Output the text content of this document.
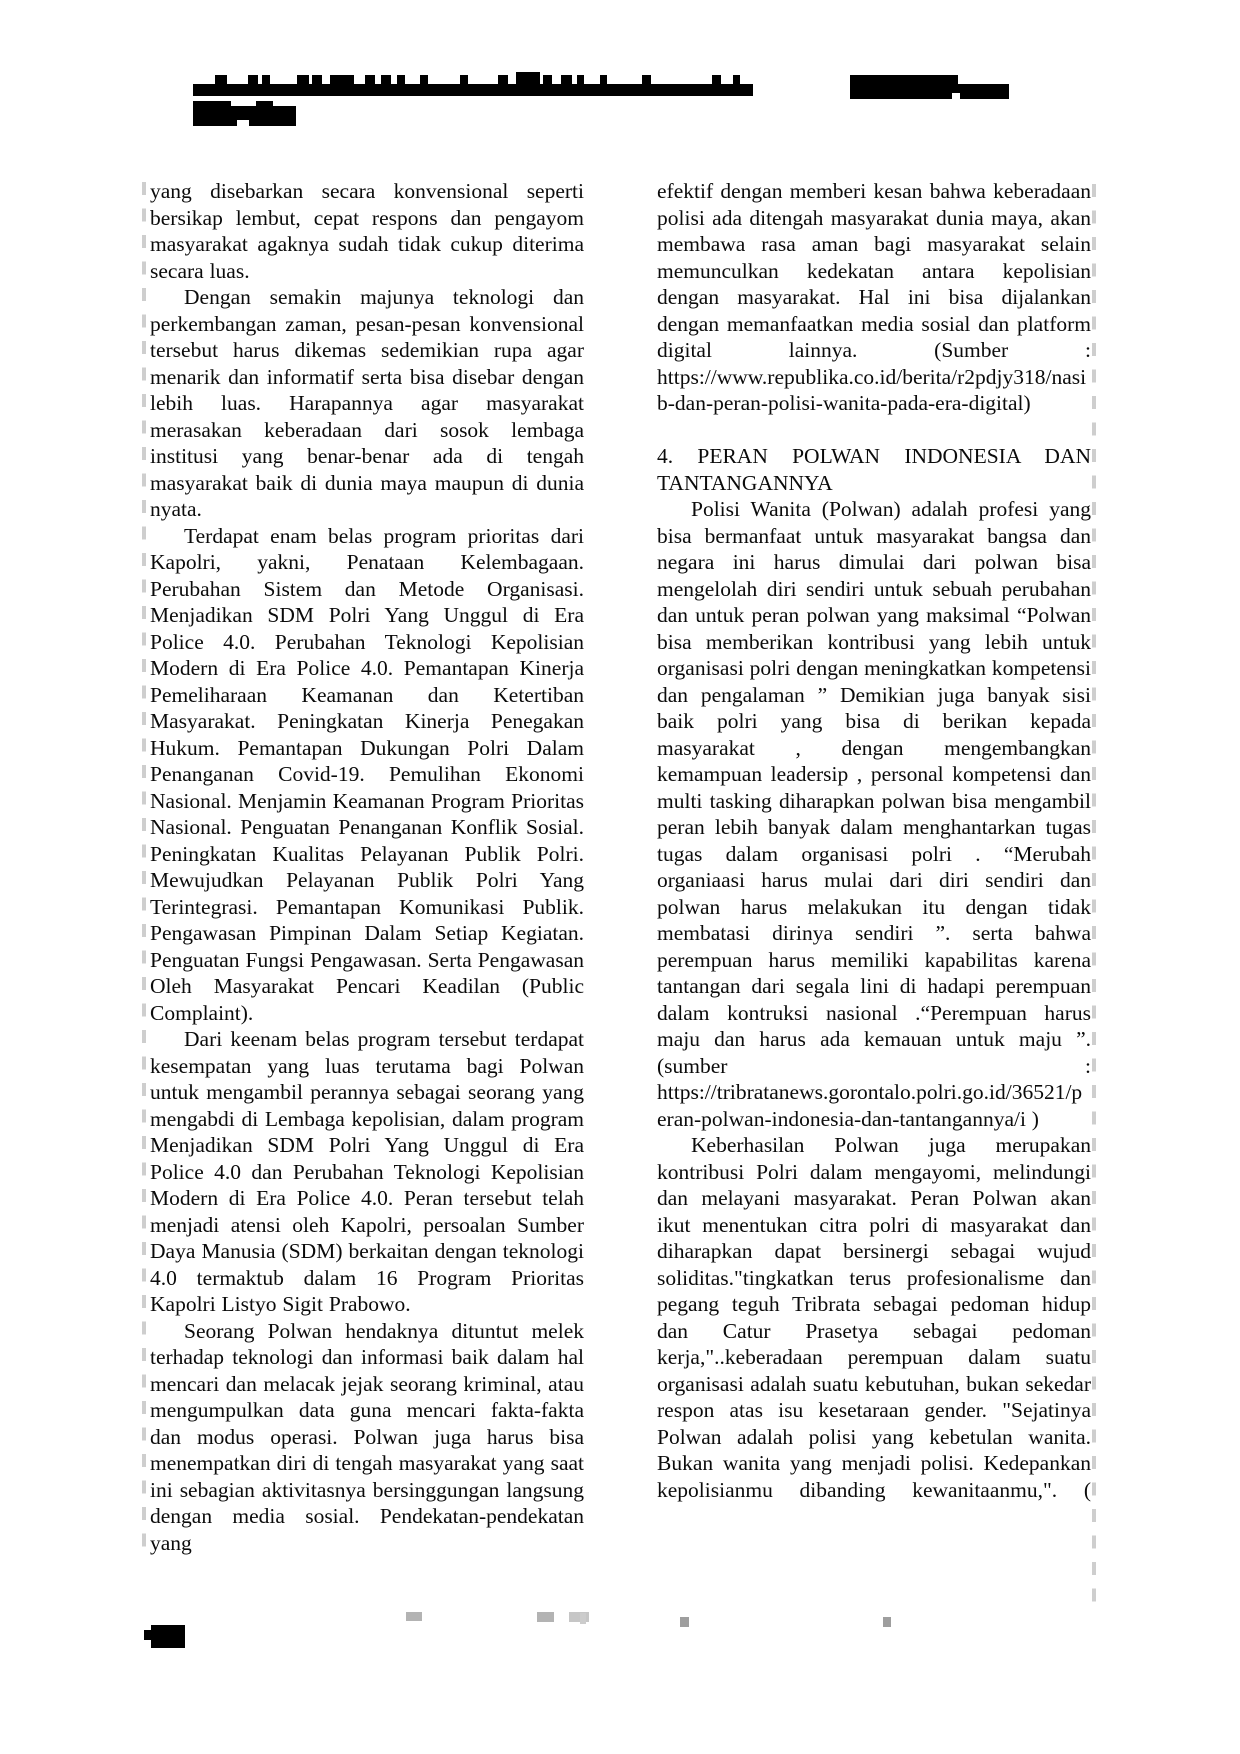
yang disebarkan secara konvensional seperti bersikap lembut, cepat respons dan pengayom masyarakat agaknya sudah tidak cukup diterima secara luas.

Dengan semakin majunya teknologi dan perkembangan zaman, pesan-pesan konvensional tersebut harus dikemas sedemikian rupa agar menarik dan informatif serta bisa disebar dengan lebih luas. Harapannya agar masyarakat merasakan keberadaan dari sosok lembaga institusi yang benar-benar ada di tengah masyarakat baik di dunia maya maupun di dunia nyata.

Terdapat enam belas program prioritas dari Kapolri, yakni, Penataan Kelembagaan. Perubahan Sistem dan Metode Organisasi. Menjadikan SDM Polri Yang Unggul di Era Police 4.0. Perubahan Teknologi Kepolisian Modern di Era Police 4.0. Pemantapan Kinerja Pemeliharaan Keamanan dan Ketertiban Masyarakat. Peningkatan Kinerja Penegakan Hukum. Pemantapan Dukungan Polri Dalam Penanganan Covid-19. Pemulihan Ekonomi Nasional. Menjamin Keamanan Program Prioritas Nasional. Penguatan Penanganan Konflik Sosial. Peningkatan Kualitas Pelayanan Publik Polri. Mewujudkan Pelayanan Publik Polri Yang Terintegrasi. Pemantapan Komunikasi Publik. Pengawasan Pimpinan Dalam Setiap Kegiatan. Penguatan Fungsi Pengawasan. Serta Pengawasan Oleh Masyarakat Pencari Keadilan (Public Complaint).

Dari keenam belas program tersebut terdapat kesempatan yang luas terutama bagi Polwan untuk mengambil perannya sebagai seorang yang mengabdi di Lembaga kepolisian, dalam program Menjadikan SDM Polri Yang Unggul di Era Police 4.0 dan Perubahan Teknologi Kepolisian Modern di Era Police 4.0. Peran tersebut telah menjadi atensi oleh Kapolri, persoalan Sumber Daya Manusia (SDM) berkaitan dengan teknologi 4.0 termaktub dalam 16 Program Prioritas Kapolri Listyo Sigit Prabowo.

Seorang Polwan hendaknya dituntut melek terhadap teknologi dan informasi baik dalam hal mencari dan melacak jejak seorang kriminal, atau mengumpulkan data guna mencari fakta-fakta dan modus operasi. Polwan juga harus bisa menempatkan diri di tengah masyarakat yang saat ini sebagian aktivitasnya bersinggungan langsung dengan media sosial. Pendekatan-pendekatan yang

efektif dengan memberi kesan bahwa keberadaan polisi ada ditengah masyarakat dunia maya, akan membawa rasa aman bagi masyarakat selain memunculkan kedekatan antara kepolisian dengan masyarakat. Hal ini bisa dijalankan dengan memanfaatkan media sosial dan platform digital lainnya. (Sumber : https://www.republika.co.id/berita/r2pdjy318/nasib-dan-peran-polisi-wanita-pada-era-digital)

4. PERAN POLWAN INDONESIA DAN TANTANGANNYA

Polisi Wanita (Polwan) adalah profesi yang bisa bermanfaat untuk masyarakat bangsa dan negara ini harus dimulai dari polwan bisa mengelolah diri sendiri untuk sebuah perubahan dan untuk peran polwan yang maksimal “Polwan bisa memberikan kontribusi yang lebih untuk organisasi polri dengan meningkatkan kompetensi dan pengalaman ” Demikian juga banyak sisi baik polri yang bisa di berikan kepada masyarakat , dengan mengembangkan kemampuan leadersip , personal kompetensi dan multi tasking diharapkan polwan bisa mengambil peran lebih banyak dalam menghantarkan tugas tugas dalam organisasi polri . “Merubah organiaasi harus mulai dari diri sendiri dan polwan harus melakukan itu dengan tidak membatasi dirinya sendiri ”. serta bahwa perempuan harus memiliki kapabilitas karena tantangan dari segala lini di hadapi perempuan dalam kontruksi nasional .“Perempuan harus maju dan harus ada kemauan untuk maju ”. (sumber : https://tribratanews.gorontalo.polri.go.id/36521/peran-polwan-indonesia-dan-tantangannya/i )

Keberhasilan Polwan juga merupakan kontribusi Polri dalam mengayomi, melindungi dan melayani masyarakat. Peran Polwan akan ikut menentukan citra polri di masyarakat dan diharapkan dapat bersinergi sebagai wujud soliditas."tingkatkan terus profesionalisme dan pegang teguh Tribrata sebagai pedoman hidup dan Catur Prasetya sebagai pedoman kerja,"..keberadaan perempuan dalam suatu organisasi adalah suatu kebutuhan, bukan sekedar respon atas isu kesetaraan gender. "Sejatinya Polwan adalah polisi yang kebetulan wanita. Bukan wanita yang menjadi polisi. Kedepankan kepolisianmu dibanding kewanitaanmu,". (
